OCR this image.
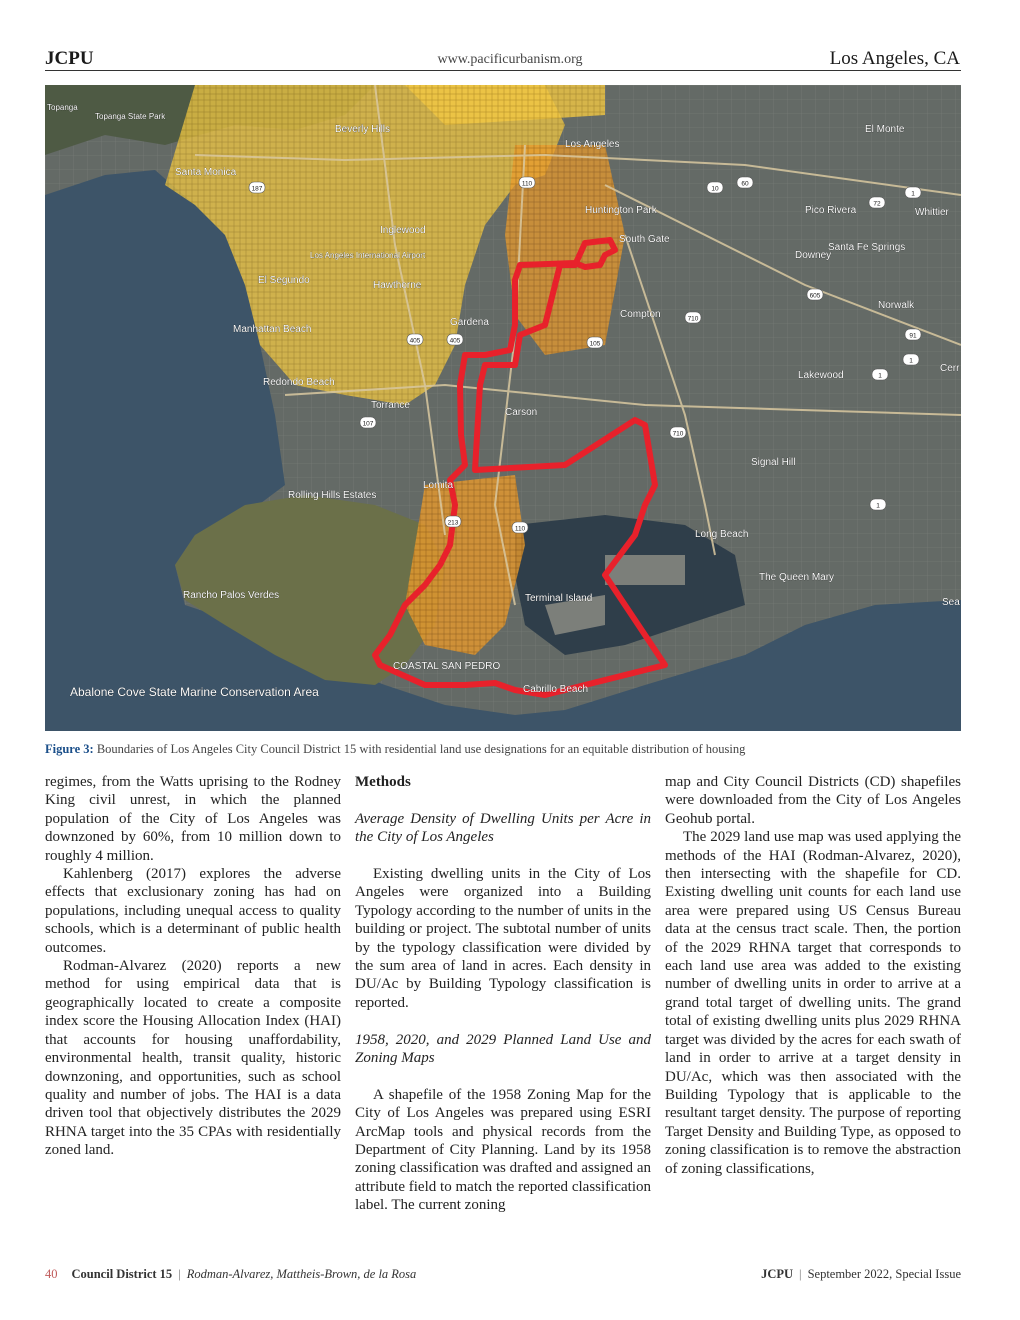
JCPU	www.pacificurbanism.org	Los Angeles, CA
Topanga
Topanga State Park
Beverly Hills
Los Angeles
El Monte
Santa Monica
Huntington Park	Pico Rivera	Whittier
Inglewood
South Gate
Santa Fe Springs
Los Angeles International Airport	Downey
El Segundo	Hawthorne
Norwalk
Compton
Manhattan Beach
Gardena
Cerr
Lakewood
Redondo Beach
Torrance
Carson
Signal Hill
Lomita
Rolling Hills Estates
Long Beach
The Queen Mary
Rancho Palos Verdes	Terminal Island	Sea
COASTAL SAN PEDRO
Cabrillo Beach
Abalone Cove State Marine Conservation Area
187	10
60
110
72
405	105
710
605
91
1
107
213
110
710
405
1
1
1
Figure 3: Boundaries of Los Angeles City Council District 15 with residential land use designations for an equitable distribution of housing

regimes, from the Watts uprising to the Rodney King civil unrest, in which the planned population of the City of Los Angeles was downzoned by 60%, from 10 million down to roughly 4 million.

Kahlenberg (2017) explores the adverse effects that exclusionary zoning has had on populations, including unequal access to quality schools, which is a determinant of public health outcomes.

Rodman-Alvarez (2020) reports a new method for using empirical data that is geographically located to create a composite index score the Housing Allocation Index (HAI) that accounts for housing unaffordability, environmental health, transit quality, historic downzoning, and opportunities, such as school quality and number of jobs. The HAI is a data driven tool that objectively distributes the 2029 RHNA target into the 35 CPAs with residentially zoned land.

Methods

Average Density of Dwelling Units per Acre in the City of Los Angeles

Existing dwelling units in the City of Los Angeles were organized into a Building Typology according to the number of units in the building or project. The subtotal number of units by the typology classification were divided by the sum area of land in acres. Each density in DU/Ac by Building Typology classification is reported.

1958, 2020, and 2029 Planned Land Use and Zoning Maps

A shapefile of the 1958 Zoning Map for the City of Los Angeles was prepared using ESRI ArcMap tools and physical records from the Department of City Planning. Land by its 1958 zoning classification was drafted and assigned an attribute field to match the reported classification label. The current zoning

map and City Council Districts (CD) shapefiles were downloaded from the City of Los Angeles Geohub portal.

The 2029 land use map was used applying the methods of the HAI (Rodman-Alvarez, 2020), then intersecting with the shapefile for CD. Existing dwelling unit counts for each land use area were prepared using US Census Bureau data at the census tract scale. Then, the portion of the 2029 RHNA target that corresponds to each land use area was added to the existing number of dwelling units in order to arrive at a grand total target of dwelling units. The grand total of existing dwelling units plus 2029 RHNA target was divided by the acres for each swath of land in order to arrive at a target density in DU/Ac, which was then associated with the Building Typology that is applicable to the resultant target density. The purpose of reporting Target Density and Building Type, as opposed to zoning classification is to remove the abstraction of zoning classifications,

40 Council District 15 | Rodman-Alvarez, Mattheis-Brown, de la Rosa	JCPU | September 2022, Special Issue
